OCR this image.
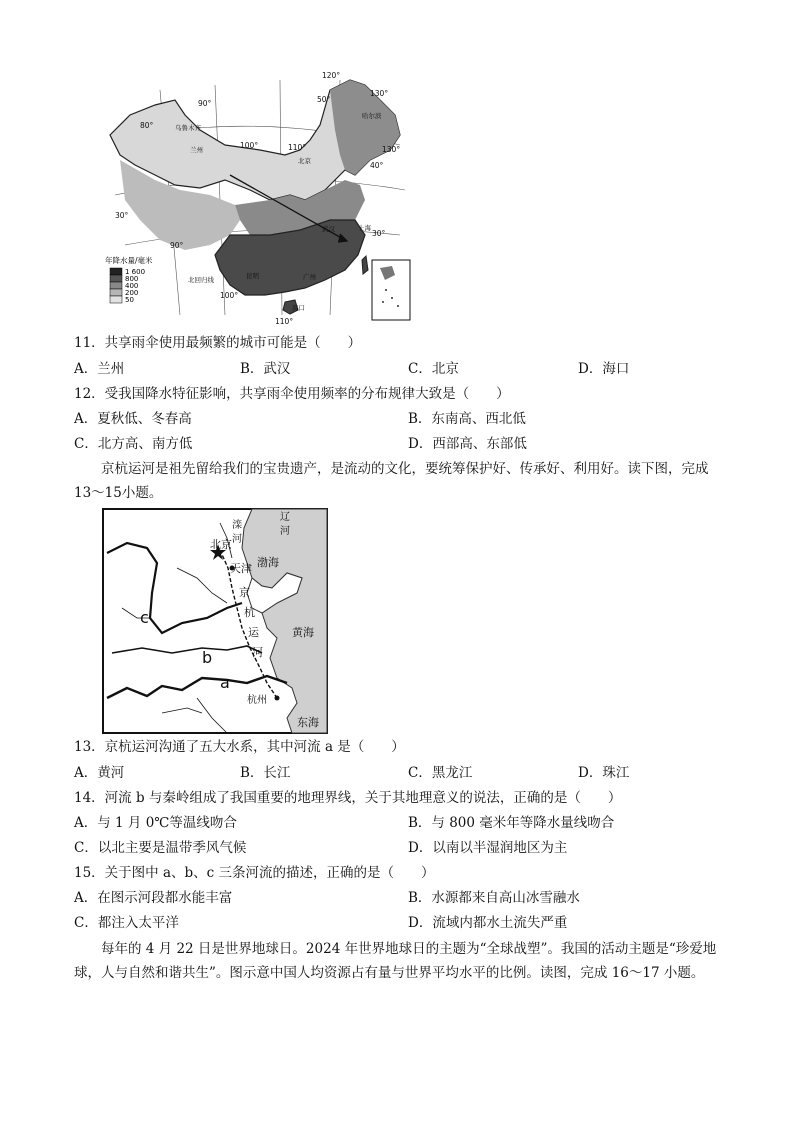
年降水量/毫米
1 600
800
400
200
50
120°
130°
90°
80°
100°	110°	130°
40°
30°
90°
100°
110°
50°
30°
乌鲁木齐
兰州
北京
哈尔滨
上海
武汉
昆明	广州
海口
北回归线
11．共享雨伞使用最频繁的城市可能是（　　）
A．兰州	B．武汉	C．北京	D．海口
12．受我国降水特征影响，共享雨伞使用频率的分布规律大致是（　　）
A．夏秋低、冬春高	B．东南高、西北低
C．北方高、南方低	D．西部高、东部低
京杭运河是祖先留给我们的宝贵遗产，是流动的文化，要统筹保护好、传承好、利用好。读下图，完成13～15小题。
北京
天津 渤海
黄海
东海
杭州
a
b
c
京
杭
运
河
滦
河
辽
河
13．京杭运河沟通了五大水系，其中河流 a 是（　　）
A．黄河	B．长江	C．黑龙江	D．珠江
14．河流 b 与秦岭组成了我国重要的地理界线，关于其地理意义的说法，正确的是（　　）
A．与 1 月 0℃等温线吻合	B．与 800 毫米年等降水量线吻合
C．以北主要是温带季风气候	D．以南以半湿润地区为主
15．关于图中 a、b、c 三条河流的描述，正确的是（　　）
A．在图示河段都水能丰富	B．水源都来自高山冰雪融水
C．都注入太平洋	D．流域内都水土流失严重
每年的 4 月 22 日是世界地球日。2024 年世界地球日的主题为“全球战塑”。我国的活动主题是“珍爱地球，人与自然和谐共生”。图示意中国人均资源占有量与世界平均水平的比例。读图，完成 16～17 小题。
